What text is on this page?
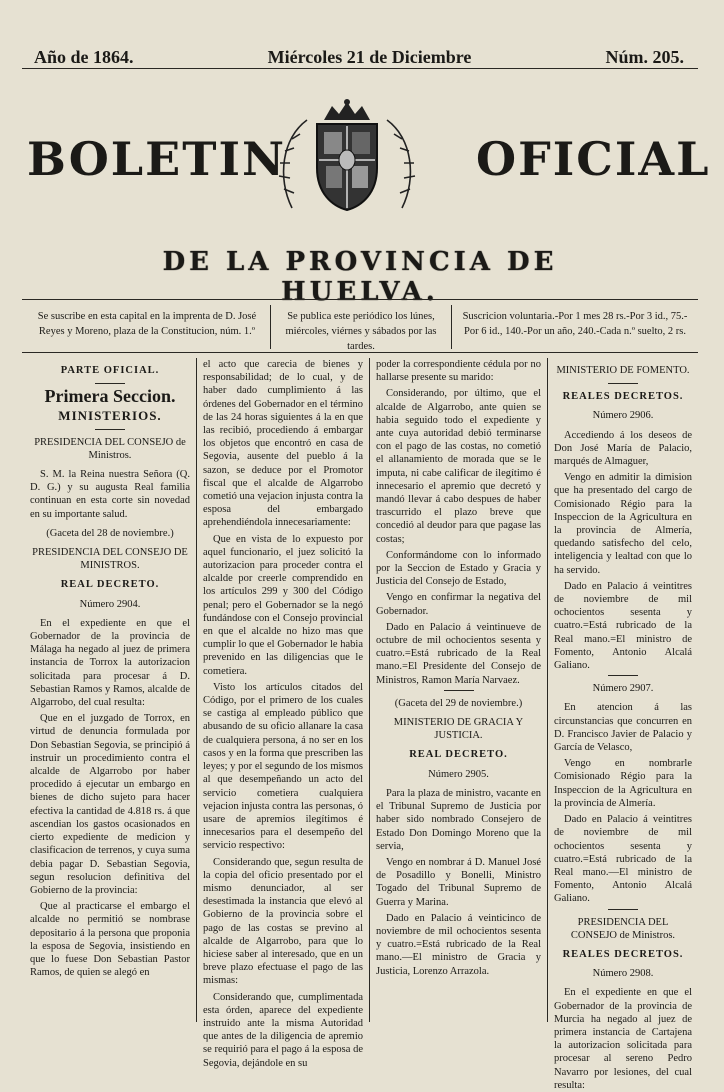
Año de 1864.	Miércoles 21 de Diciembre	Núm. 205.
BOLETIN	OFICIAL
DE LA PROVINCIA DE HUELVA.
Se suscribe en esta capital en la imprenta de D. José Reyes y Moreno, plaza de la Constitucion, núm. 1.º
Se publica este periódico los lúnes, miércoles, viérnes y sábados por las tardes.
Suscricion voluntaria.-Por 1 mes 28 rs.-Por 3 id., 75.-Por 6 id., 140.-Por un año, 240.-Cada n.º suelto, 2 rs.

PARTE OFICIAL.

Primera Seccion.

MINISTERIOS.

PRESIDENCIA DEL CONSEJO de Ministros.

S. M. la Reina nuestra Señora (Q. D. G.) y su augusta Real familia continuan en esta corte sin novedad en su importante salud.

(Gaceta del 28 de noviembre.)

PRESIDENCIA DEL CONSEJO DE MINISTROS.

REAL DECRETO.

Número 2904.

En el expediente en que el Gobernador de la provincia de Málaga ha negado al juez de primera instancia de Torrox la autorizacion solicitada para procesar á D. Sebastian Ramos y Ramos, alcalde de Algarrobo, del cual resulta:

Que en el juzgado de Torrox, en virtud de denuncia formulada por Don Sebastian Segovia, se principió á instruir un procedimiento contra el alcalde de Algarrobo por haber procedido á ejecutar un embargo en bienes de dicho sujeto para hacer efectiva la cantidad de 4.818 rs. á que ascendian los gastos ocasionados en cierto expediente de medicion y clasificacion de terrenos, y cuya suma debia pagar D. Sebastian Segovia, segun resolucion definitiva del Gobierno de la provincia:

Que al practicarse el embargo el alcalde no permitió se nombrase depositario á la persona que proponia la esposa de Segovia, insistiendo en que lo fuese Don Sebastian Pastor Ramos, de quien se alegó en

el acto que carecia de bienes y responsabilidad; de lo cual, y de haber dado cumplimiento á las órdenes del Gobernador en el término de las 24 horas siguientes á la en que las recibió, procediendo á embargar los objetos que encontró en casa de Segovia, ausente del pueblo á la sazon, se deduce por el Promotor fiscal que el alcalde de Algarrobo cometió una vejacion injusta contra la esposa del embargado aprehendiéndola innecesariamente:

Que en vista de lo expuesto por aquel funcionario, el juez solicitó la autorizacion para proceder contra el alcalde por creerle comprendido en los artículos 299 y 300 del Código penal; pero el Gobernador se la negó fundándose con el Consejo provincial en que el alcalde no hizo mas que cumplir lo que el Gobernador le habia prevenido en las diligencias que le cometiera.

Visto los artículos citados del Código, por el primero de los cuales se castiga al empleado público que abusando de su oficio allanare la casa de cualquiera persona, á no ser en los casos y en la forma que prescriben las leyes; y por el segundo de los mismos al que desempeñando un acto del servicio cometiera cualquiera vejacion injusta contra las personas, ó usare de apremios ilegítimos é innecesarios para el desempeño del servicio respectivo:

Considerando que, segun resulta de la copia del oficio presentado por el mismo denunciador, al ser desestimada la instancia que elevó al Gobierno de la provincia sobre el pago de las costas se previno al alcalde de Algarrobo, para que lo hiciese saber al interesado, que en un breve plazo efectuase el pago de las mismas:

Considerando que, cumplimentada esta órden, aparece del expediente instruido ante la misma Autoridad que antes de la diligencia de apremio se requirió para el pago á la esposa de Segovia, dejándole en su

poder la correspondiente cédula por no hallarse presente su marido:

Considerando, por último, que el alcalde de Algarrobo, ante quien se habia seguido todo el expediente y ante cuya autoridad debió terminarse con el pago de las costas, no cometió el allanamiento de morada que se le imputa, ni cabe calificar de ilegítimo é innecesario el apremio que decretó y mandó llevar á cabo despues de haber trascurrido el plazo breve que concedió al deudor para que pagase las costas;

Conformándome con lo informado por la Seccion de Estado y Gracia y Justicia del Consejo de Estado,

Vengo en confirmar la negativa del Gobernador.

Dado en Palacio á veintinueve de octubre de mil ochocientos sesenta y cuatro.=Está rubricado de la Real mano.=El Presidente del Consejo de Ministros, Ramon María Narvaez.

(Gaceta del 29 de noviembre.)

MINISTERIO DE GRACIA Y JUSTICIA.

REAL DECRETO.

Número 2905.

Para la plaza de ministro, vacante en el Tribunal Supremo de Justicia por haber sido nombrado Consejero de Estado Don Domingo Moreno que la servia,

Vengo en nombrar á D. Manuel José de Posadillo y Bonelli, Ministro Togado del Tribunal Supremo de Guerra y Marina.

Dado en Palacio á veinticinco de noviembre de mil ochocientos sesenta y cuatro.=Está rubricado de la Real mano.—El ministro de Gracia y Justicia, Lorenzo Arrazola.

MINISTERIO DE FOMENTO.

REALES DECRETOS.

Número 2906.

Accediendo á los deseos de Don José María de Palacio, marqués de Almaguer,

Vengo en admitir la dimision que ha presentado del cargo de Comisionado Régio para la Inspeccion de la Agricultura en la provincia de Almería, quedando satisfecho del celo, inteligencia y lealtad con que lo ha servido.

Dado en Palacio á veintitres de noviembre de mil ochocientos sesenta y cuatro.=Está rubricado de la Real mano.=El ministro de Fomento, Antonio Alcalá Galiano.

Número 2907.

En atencion á las circunstancias que concurren en D. Francisco Javier de Palacio y García de Velasco,

Vengo en nombrarle Comisionado Régio para la Inspeccion de la Agricultura en la provincia de Almería.

Dado en Palacio á veintitres de noviembre de mil ochocientos sesenta y cuatro.=Está rubricado de la Real mano.—El ministro de Fomento, Antonio Alcalá Galiano.

PRESIDENCIA DEL CONSEJO de Ministros.

REALES DECRETOS.

Número 2908.

En el expediente en que el Gobernador de la provincia de Murcia ha negado al juez de primera instancia de Cartajena la autorizacion solicitada para procesar al sereno Pedro Navarro por lesiones, del cual resulta:
